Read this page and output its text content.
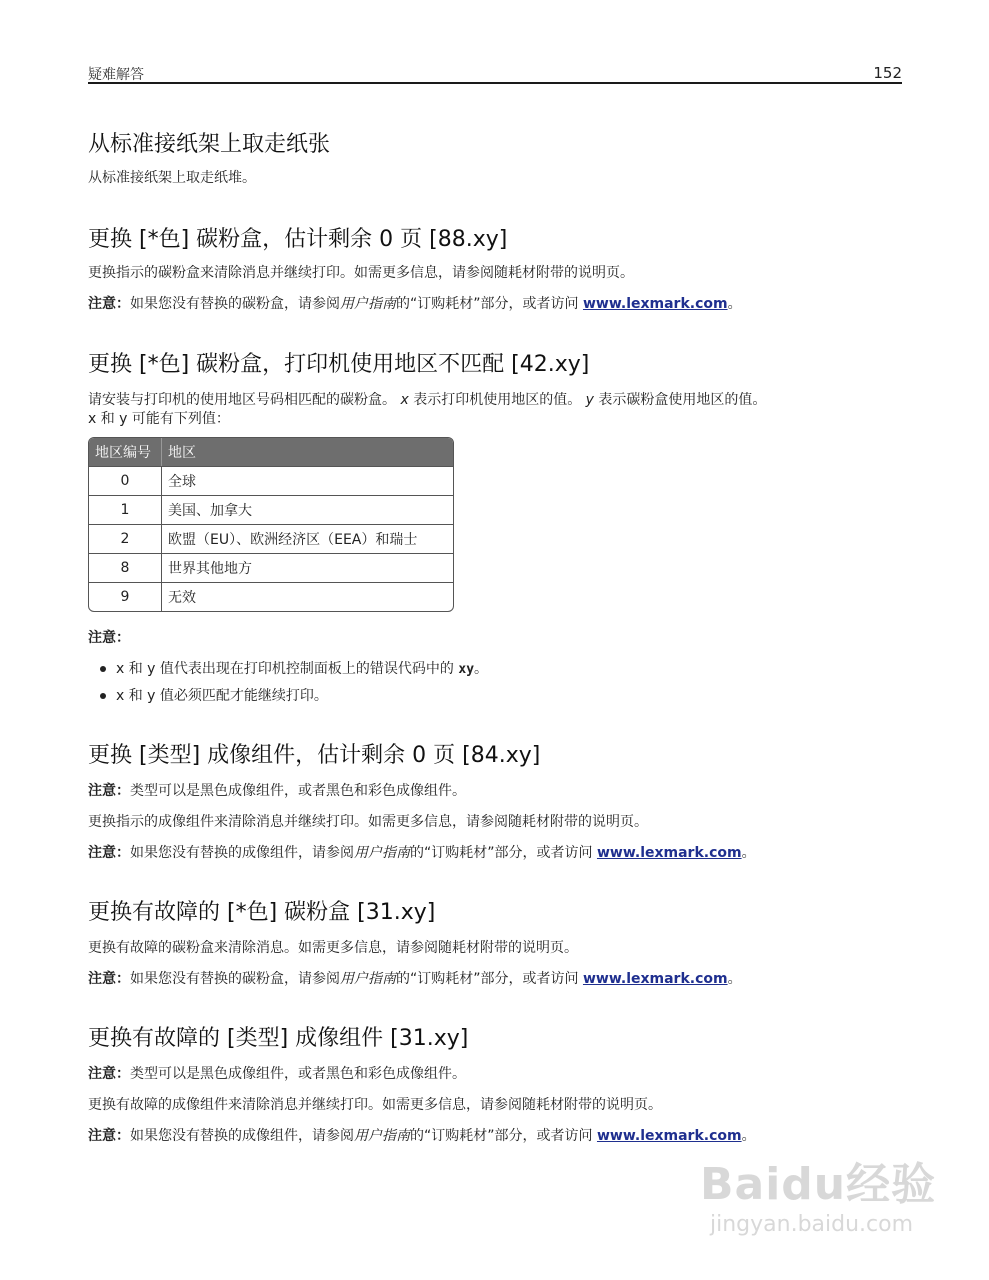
疑难解答	152
从标准接纸架上取走纸张

从标准接纸架上取走纸堆。

更换 [*色] 碳粉盒，估计剩余 0 页 [88.xy]

更换指示的碳粉盒来清除消息并继续打印。如需更多信息，请参阅随耗材附带的说明页。

注意：如果您没有替换的碳粉盒，请参阅用户指南的“订购耗材”部分，或者访问 www.lexmark.com。

更换 [*色] 碳粉盒，打印机使用地区不匹配 [42.xy]

请安装与打印机的使用地区号码相匹配的碳粉盒。 x 表示打印机使用地区的值。 y 表示碳粉盒使用地区的值。

x 和 y 可能有下列值：

地区编号	地区
0	全球
1	美国、加拿大
2	欧盟（EU）、欧洲经济区（EEA）和瑞士
8	世界其他地方
9	无效

注意：

x 和 y 值代表出现在打印机控制面板上的错误代码中的 xy。
x 和 y 值必须匹配才能继续打印。
更换 [类型] 成像组件，估计剩余 0 页 [84.xy]

注意：类型可以是黑色成像组件，或者黑色和彩色成像组件。

更换指示的成像组件来清除消息并继续打印。如需更多信息，请参阅随耗材附带的说明页。

注意：如果您没有替换的成像组件，请参阅用户指南的“订购耗材”部分，或者访问 www.lexmark.com。

更换有故障的 [*色] 碳粉盒 [31.xy]

更换有故障的碳粉盒来清除消息。如需更多信息，请参阅随耗材附带的说明页。

注意：如果您没有替换的碳粉盒，请参阅用户指南的“订购耗材”部分，或者访问 www.lexmark.com。

更换有故障的 [类型] 成像组件 [31.xy]

注意：类型可以是黑色成像组件，或者黑色和彩色成像组件。

更换有故障的成像组件来清除消息并继续打印。如需更多信息，请参阅随耗材附带的说明页。

注意：如果您没有替换的成像组件，请参阅用户指南的“订购耗材”部分，或者访问 www.lexmark.com。

Baidu经验
jingyan.baidu.com
